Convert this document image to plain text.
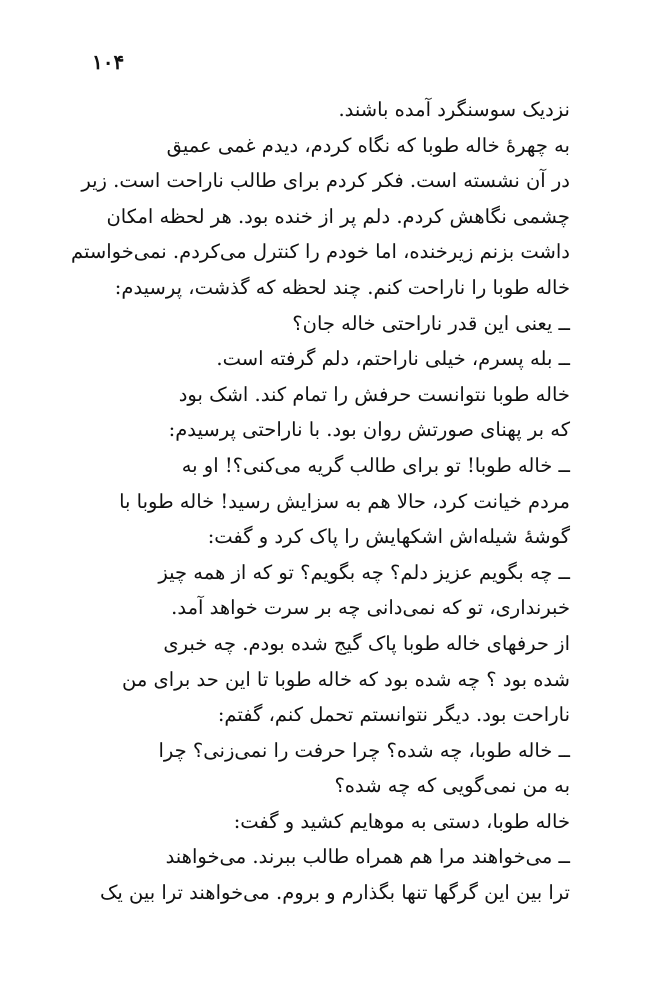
۱۰۴
نزدیک سوسنگرد آمده باشند.
به چهرهٔ خاله طوبا که نگاه کردم، دیدم غمی عمیق
در آن نشسته است. فکر کردم برای طالب ناراحت است. زیر
چشمی نگاهش کردم. دلم پر از خنده بود. هر لحظه امکان
داشت بزنم زیرخنده، اما خودم را کنترل می‌کردم. نمی‌خواستم
خاله طوبا را ناراحت کنم. چند لحظه که گذشت، پرسیدم:
ــ یعنی این قدر ناراحتی خاله جان؟
ــ بله پسرم، خیلی ناراحتم، دلم گرفته است.
خاله طوبا نتوانست حرفش را تمام کند. اشک بود
که بر پهنای صورتش روان بود. با ناراحتی پرسیدم:
ــ خاله طوبا! تو برای طالب گریه می‌کنی؟! او به
مردم خیانت کرد، حالا هم به سزایش رسید! خاله طوبا با
گوشهٔ شیله‌اش اشکهایش را پاک کرد و گفت:
ــ چه بگویم عزیز دلم؟ چه بگویم؟ تو که از همه چیز
خبرنداری، تو که نمی‌دانی چه بر سرت خواهد آمد.
از حرفهای خاله طوبا پاک گیج شده بودم. چه خبری
شده بود ؟ چه شده بود که خاله طوبا تا این حد برای من
ناراحت بود. دیگر نتوانستم تحمل کنم، گفتم:
ــ خاله طوبا، چه شده؟ چرا حرفت را نمی‌زنی؟ چرا
به من نمی‌گویی که چه شده؟
خاله طوبا، دستی به موهایم کشید و گفت:
ــ می‌خواهند مرا هم همراه طالب ببرند. می‌خواهند
ترا بین این گرگها تنها بگذارم و بروم. می‌خواهند ترا بین یک
